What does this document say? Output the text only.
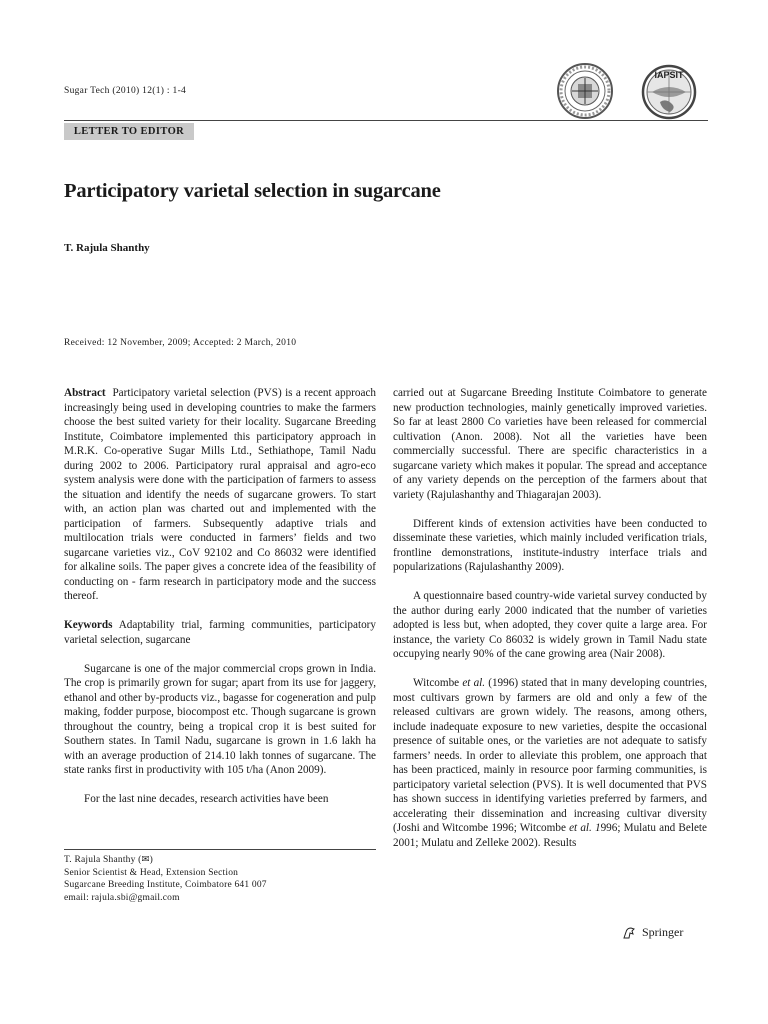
Sugar Tech (2010) 12(1) : 1-4
IAPSIT
LETTER TO EDITOR
Participatory varietal selection in sugarcane
T. Rajula Shanthy
Received: 12 November, 2009; Accepted: 2 March, 2010

Abstract Participatory varietal selection (PVS) is a recent approach increasingly being used in developing countries to make the farmers choose the best suited variety for their locality. Sugarcane Breeding Institute, Coimbatore implemented this participatory approach in M.R.K. Co-operative Sugar Mills Ltd., Sethiathope, Tamil Nadu during 2002 to 2006. Participatory rural appraisal and agro-eco system analysis were done with the participation of farmers to assess the situation and identify the needs of sugarcane growers. To start with, an action plan was charted out and implemented with the participation of farmers. Subsequently adaptive trials and multilocation trials were conducted in farmers’ fields and two sugarcane varieties viz., CoV 92102 and Co 86032 were identified for alkaline soils. The paper gives a concrete idea of the feasibility of conducting on - farm research in participatory mode and the success thereof.

Keywords Adaptability trial, farming communities, participatory varietal selection, sugarcane

Sugarcane is one of the major commercial crops grown in India. The crop is primarily grown for sugar; apart from its use for jaggery, ethanol and other by-products viz., bagasse for cogeneration and pulp making, fodder purpose, biocompost etc. Though sugarcane is grown throughout the country, being a tropical crop it is best suited for Southern states. In Tamil Nadu, sugarcane is grown in 1.6 lakh ha with an average production of 214.10 lakh tonnes of sugarcane. The state ranks first in productivity with 105 t/ha (Anon 2009).

For the last nine decades, research activities have been

T. Rajula Shanthy (✉)
Senior Scientist & Head, Extension Section
Sugarcane Breeding Institute, Coimbatore 641 007
email: rajula.sbi@gmail.com

carried out at Sugarcane Breeding Institute Coimbatore to generate new production technologies, mainly genetically improved varieties. So far at least 2800 Co varieties have been released for commercial cultivation (Anon. 2008). Not all the varieties have been commercially successful. There are specific characteristics in a sugarcane variety which makes it popular. The spread and acceptance of any variety depends on the perception of the farmers about that variety (Rajulashanthy and Thiagarajan 2003).

Different kinds of extension activities have been conducted to disseminate these varieties, which mainly included verification trials, frontline demonstrations, institute-industry interface trials and popularizations (Rajulashanthy 2009).

A questionnaire based country-wide varietal survey conducted by the author during early 2000 indicated that the number of varieties adopted is less but, when adopted, they cover quite a large area. For instance, the variety Co 86032 is widely grown in Tamil Nadu state occupying nearly 90% of the cane growing area (Nair 2008).

Witcombe et al. (1996) stated that in many developing countries, most cultivars grown by farmers are old and only a few of the released cultivars are grown widely. The reasons, among others, include inadequate exposure to new varieties, despite the occasional presence of suitable ones, or the varieties are not adequate to satisfy farmers’ needs. In order to alleviate this problem, one approach that has been practiced, mainly in resource poor farming communities, is participatory varietal selection (PVS). It is well documented that PVS has shown success in identifying varieties preferred by farmers, and accelerating their dissemination and increasing cultivar diversity (Joshi and Witcombe 1996; Witcombe et al. 1996; Mulatu and Belete 2001; Mulatu and Zelleke 2002). Results

Springer
